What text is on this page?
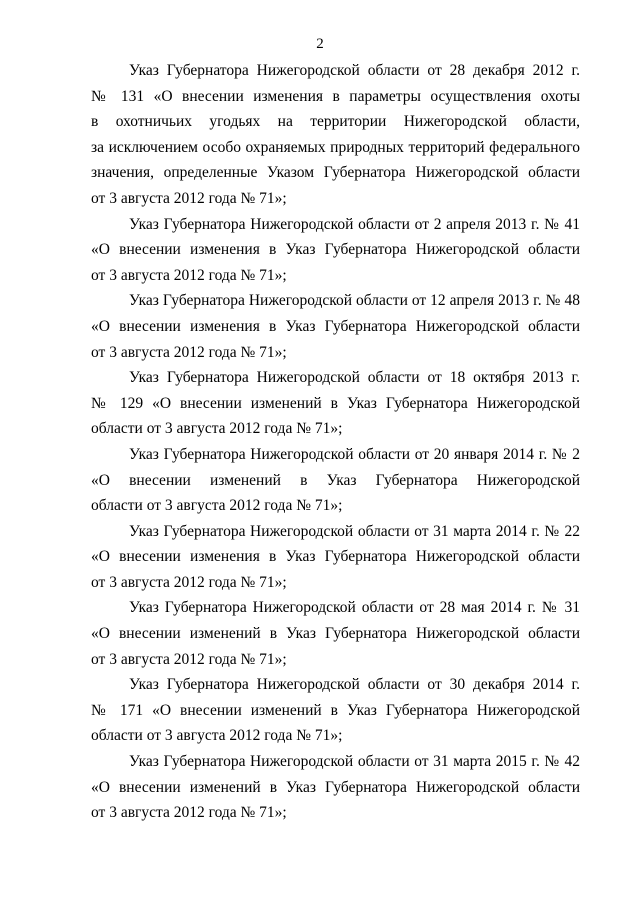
2
Указ Губернатора Нижегородской области от 28 декабря 2012 г.
№ 131 «О внесении изменения в параметры осуществления охоты
в охотничьих угодьях на территории Нижегородской области,
за исключением особо охраняемых природных территорий федерального
значения, определенные Указом Губернатора Нижегородской области
от 3 августа 2012 года № 71»;
Указ Губернатора Нижегородской области от 2 апреля 2013 г. № 41
«О внесении изменения в Указ Губернатора Нижегородской области
от 3 августа 2012 года № 71»;
Указ Губернатора Нижегородской области от 12 апреля 2013 г. № 48
«О внесении изменения в Указ Губернатора Нижегородской области
от 3 августа 2012 года № 71»;
Указ Губернатора Нижегородской области от 18 октября 2013 г.
№ 129 «О внесении изменений в Указ Губернатора Нижегородской
области от 3 августа 2012 года № 71»;
Указ Губернатора Нижегородской области от 20 января 2014 г. № 2
«О внесении изменений в Указ Губернатора Нижегородской
области от 3 августа 2012 года № 71»;
Указ Губернатора Нижегородской области от 31 марта 2014 г. № 22
«О внесении изменения в Указ Губернатора Нижегородской области
от 3 августа 2012 года № 71»;
Указ Губернатора Нижегородской области от 28 мая 2014 г. № 31
«О внесении изменений в Указ Губернатора Нижегородской области
от 3 августа 2012 года № 71»;
Указ Губернатора Нижегородской области от 30 декабря 2014 г.
№ 171 «О внесении изменений в Указ Губернатора Нижегородской
области от 3 августа 2012 года № 71»;
Указ Губернатора Нижегородской области от 31 марта 2015 г. № 42
«О внесении изменений в Указ Губернатора Нижегородской области
от 3 августа 2012 года № 71»;
